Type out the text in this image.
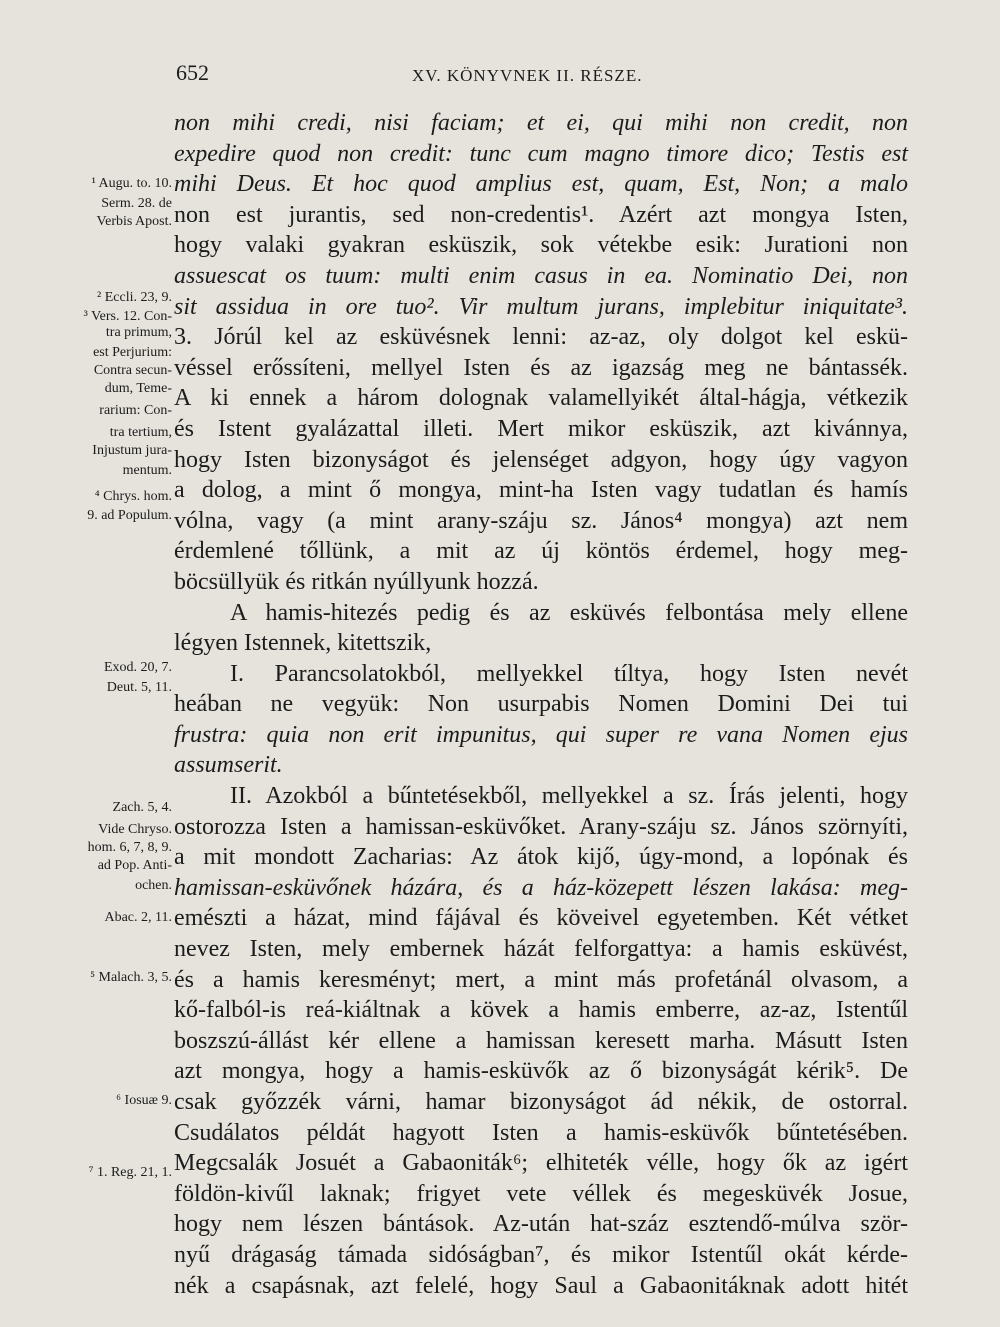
652	XV. KÖNYVNEK II. RÉSZE.
non mihi credi, nisi faciam; et ei, qui mihi non credit, non
expedire quod non credit: tunc cum magno timore dico; Testis est
mihi Deus. Et hoc quod amplius est, quam, Est, Non; a malo
non est jurantis, sed non-credentis¹. Azért azt mongya Isten,
hogy valaki gyakran esküszik, sok vétekbe esik: Jurationi non
assuescat os tuum: multi enim casus in ea. Nominatio Dei, non
sit assidua in ore tuo². Vir multum jurans, implebitur iniquitate³.
3. Jórúl kel az esküvésnek lenni: az-az, oly dolgot kel eskü-
véssel erőssíteni, mellyel Isten és az igazság meg ne bántassék.
A ki ennek a három dolognak valamellyikét által-hágja, vétkezik
és Istent gyalázattal illeti. Mert mikor esküszik, azt kivánnya,
hogy Isten bizonyságot és jelenséget adgyon, hogy úgy vagyon
a dolog, a mint ő mongya, mint-ha Isten vagy tudatlan és hamís
vólna, vagy (a mint arany-száju sz. János⁴ mongya) azt nem
érdemlené tőllünk, a mit az új köntös érdemel, hogy meg-
böcsüllyük és ritkán nyúllyunk hozzá.
A hamis-hitezés pedig és az esküvés felbontása mely ellene
légyen Istennek, kitettszik,
I. Parancsolatokból, mellyekkel tíltya, hogy Isten nevét
heában ne vegyük: Non usurpabis Nomen Domini Dei tui
frustra: quia non erit impunitus, qui super re vana Nomen ejus
assumserit.
II. Azokból a bűntetésekből, mellyekkel a sz. Írás jelenti, hogy
ostorozza Isten a hamissan-esküvőket. Arany-száju sz. János szörnyíti,
a mit mondott Zacharias: Az átok kijő, úgy-mond, a lopónak és
hamissan-esküvőnek házára, és a ház-közepett lészen lakása: meg-
emészti a házat, mind fájával és köveivel egyetemben. Két vétket
nevez Isten, mely embernek házát felforgattya: a hamis esküvést,
és a hamis keresményt; mert, a mint más profetánál olvasom, a
kő-falból-is reá-kiáltnak a kövek a hamis emberre, az-az, Istentűl
boszszú-állást kér ellene a hamissan keresett marha. Másutt Isten
azt mongya, hogy a hamis-esküvők az ő bizonyságát kérik⁵. De
csak győzzék várni, hamar bizonyságot ád nékik, de ostorral.
Csudálatos példát hagyott Isten a hamis-esküvők bűntetésében.
Megcsalák Josuét a Gabaoniták⁶; elhiteték vélle, hogy ők az igért
földön-kivűl laknak; frigyet vete véllek és megesküvék Josue,
hogy nem lészen bántások. Az-után hat-száz esztendő-múlva ször-
nyű drágaság támada sidóságban⁷, és mikor Istentűl okát kérde-
nék a csapásnak, azt felelé, hogy Saul a Gabaonitáknak adott hitét
¹ Augu. to. 10.
Serm. 28. de
Verbis Apost.
² Eccli. 23, 9.
³ Vers. 12. Con-
tra primum,
est Perjurium:
Contra secun-
dum, Teme-
rarium: Con-
tra tertium,
Injustum jura-
mentum.
⁴ Chrys. hom.
9. ad Populum.
Exod. 20, 7.
Deut. 5, 11.
Zach. 5, 4.
Vide Chryso.
hom. 6, 7, 8, 9.
ad Pop. Anti-
ochen.
Abac. 2, 11.
⁵ Malach. 3, 5.
⁶ Iosuæ 9.
⁷ 1. Reg. 21, 1.
